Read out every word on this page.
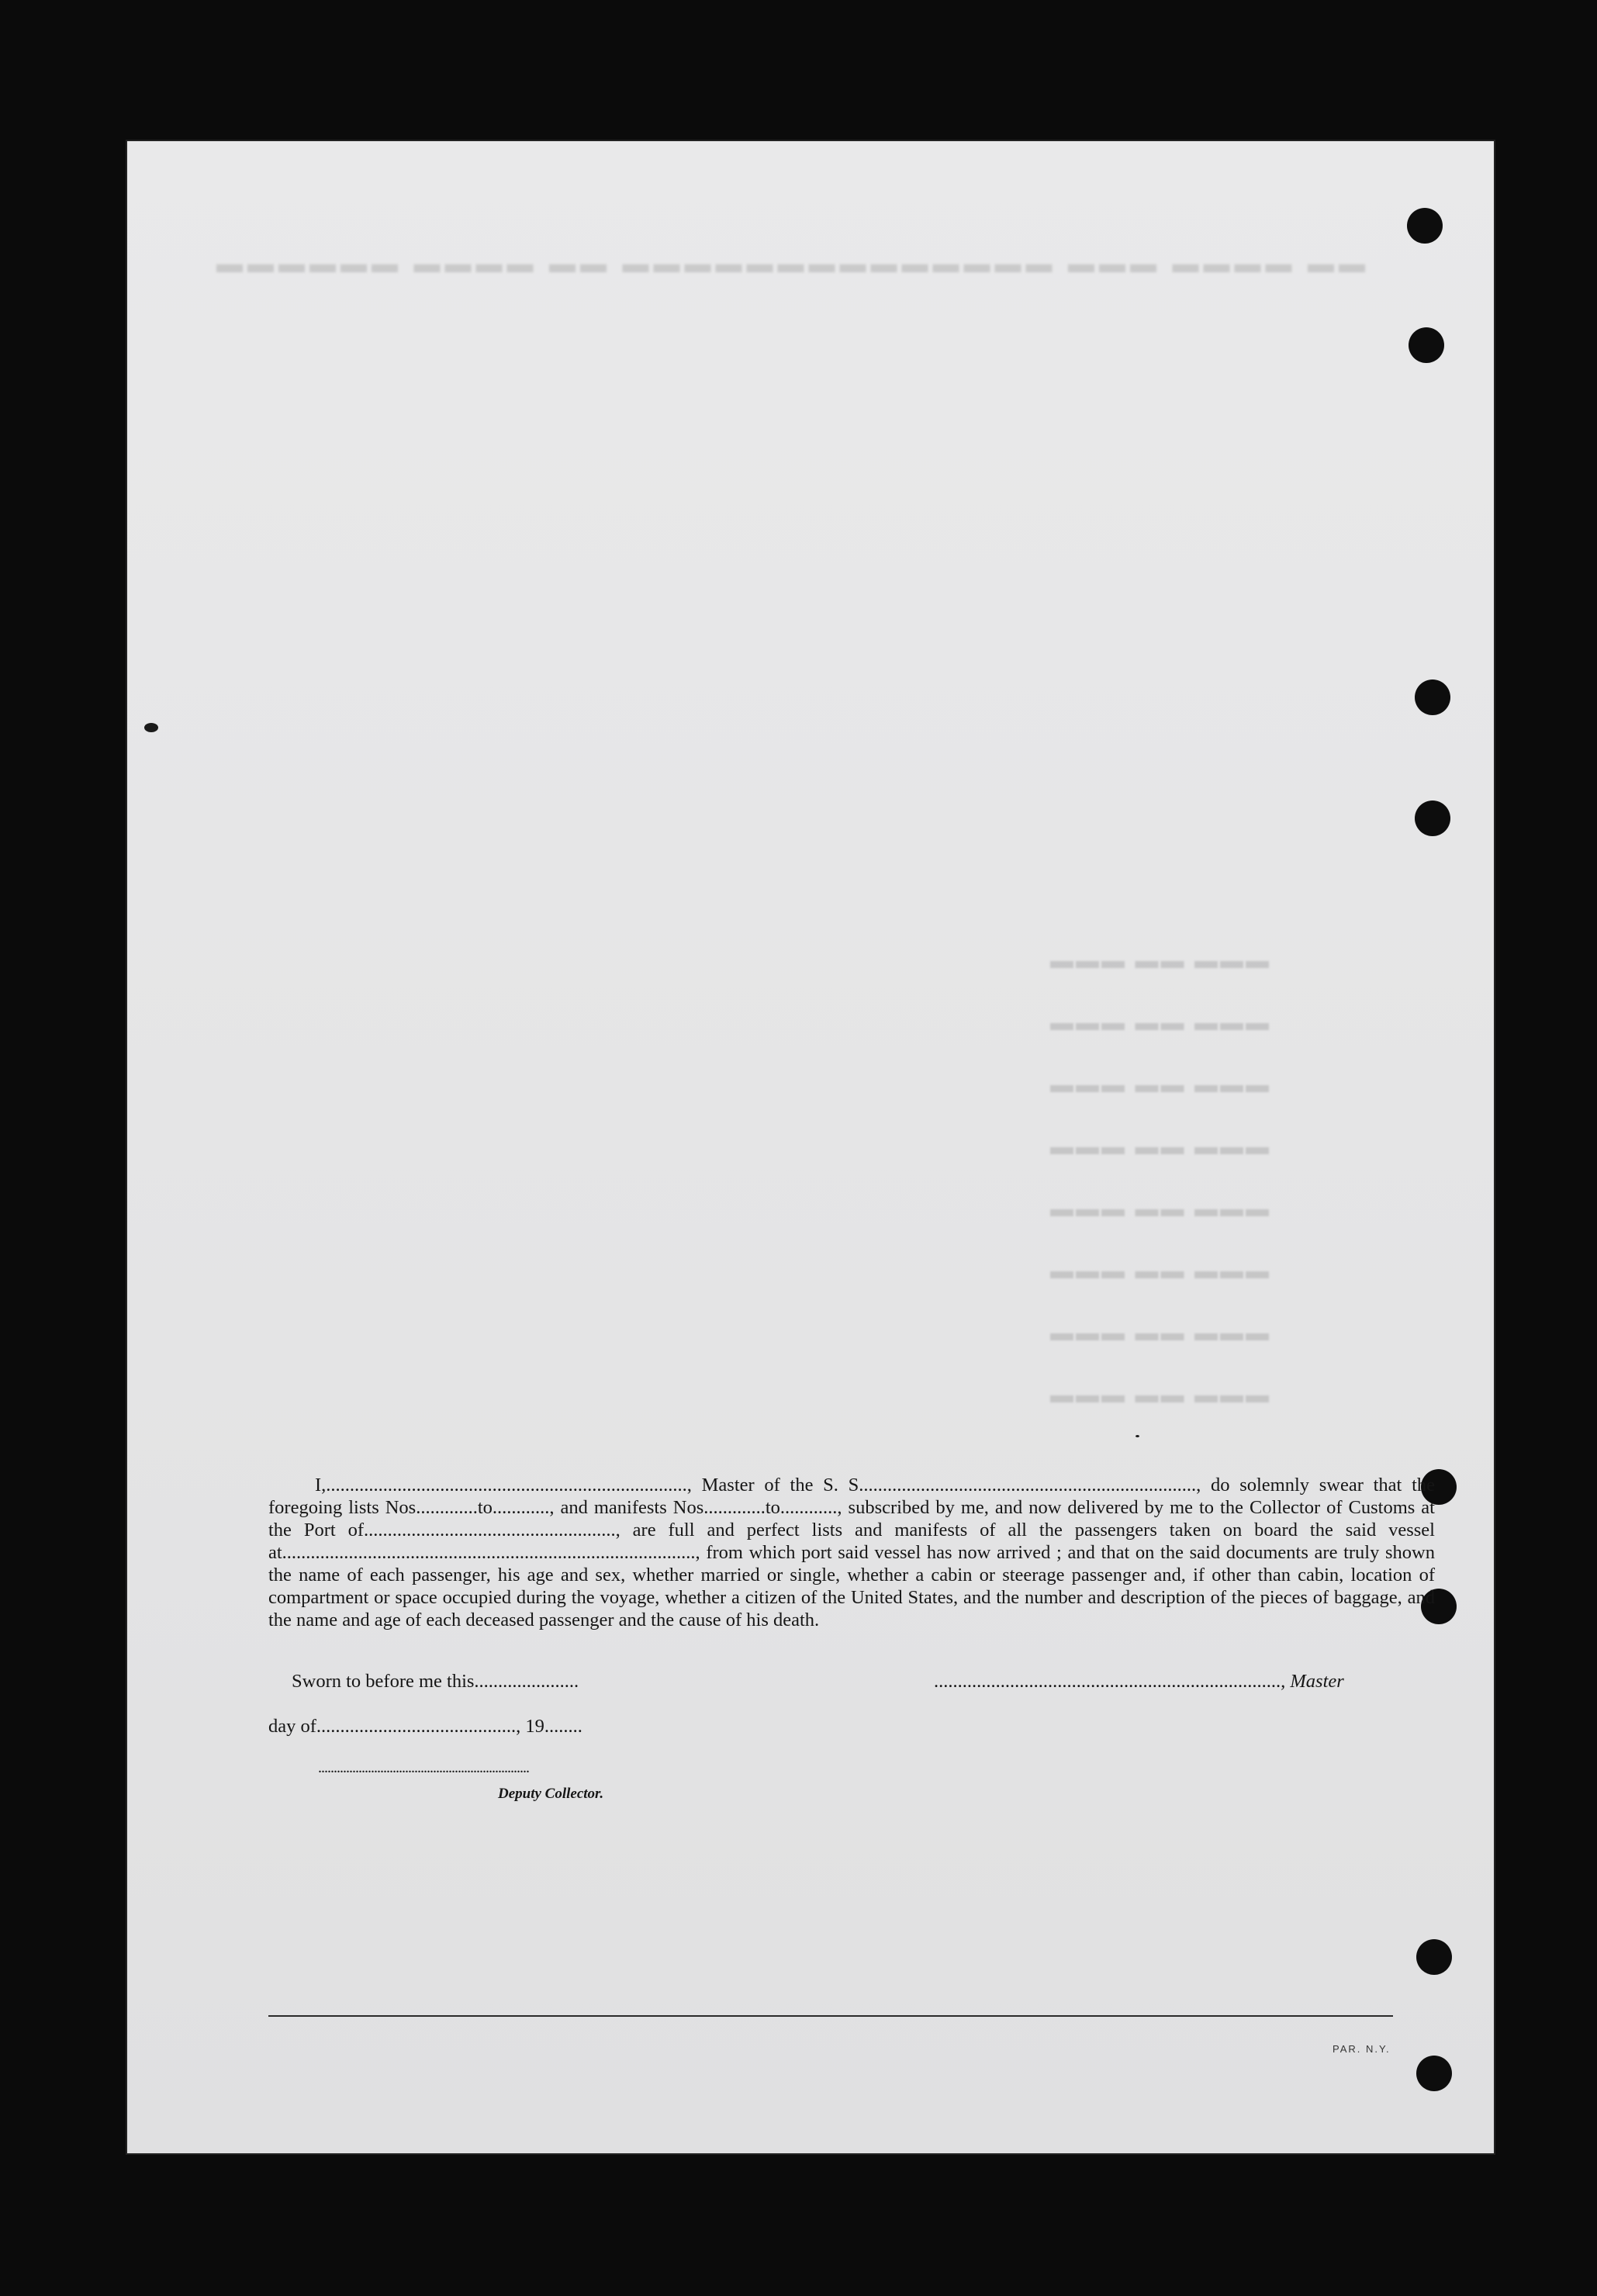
▬▬▬▬▬▬ ▬▬▬▬ ▬▬ ▬▬▬▬▬▬▬▬▬▬▬▬▬▬ ▬▬▬ ▬▬▬▬ ▬▬
▬▬▬ ▬▬ ▬▬▬
▬▬▬ ▬▬ ▬▬▬
▬▬▬ ▬▬ ▬▬▬
▬▬▬ ▬▬ ▬▬▬
▬▬▬ ▬▬ ▬▬▬
▬▬▬ ▬▬ ▬▬▬
▬▬▬ ▬▬ ▬▬▬
▬▬▬ ▬▬ ▬▬▬

I,............................................................................, Master of the S. S......................................................................., do solemnly swear that the foregoing lists Nos.............to............, and manifests Nos.............to............, subscribed by me, and now delivered by me to the Collector of Customs at the Port of....................................................., are full and perfect lists and manifests of all the passengers taken on board the said vessel at......................................................................................., from which port said vessel has now arrived ; and that on the said documents are truly shown the name of each passenger, his age and sex, whether married or single, whether a cabin or steerage passenger and, if other than cabin, location of compartment or space occupied during the voyage, whether a citizen of the United States, and the number and description of the pieces of baggage, and the name and age of each deceased passenger and the cause of his death.

Sworn to before me this......................	........................................................................., Master
day of.........................................., 19........
....................................................................
Deputy Collector.
PAR. N.Y.
